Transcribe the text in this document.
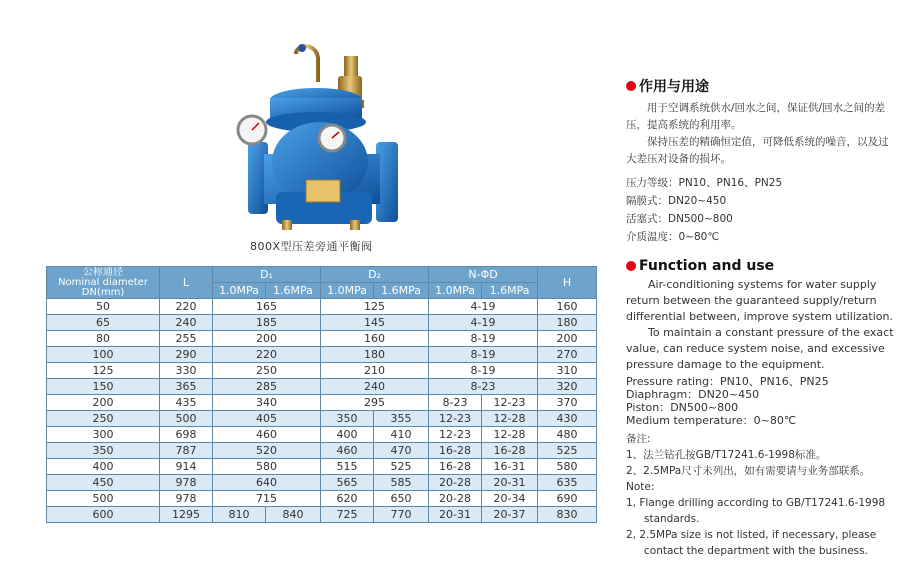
800X型压差旁通平衡阀
公称通径
Nominal diameter
DN(mm)	L	D₁		D₂		N-ΦD		H
		1.0MPa	1.6MPa	1.0MPa	1.6MPa	1.0MPa	1.6MPa	
50	220	165		125		4-19		160
65	240	185		145		4-19		180
80	255	200		160		8-19		200
100	290	220		180		8-19		270
125	330	250		210		8-19		310
150	365	285		240		8-23		320
200	435	340		295		8-23	12-23	370
250	500	405		350	355	12-23	12-28	430
300	698	460		400	410	12-23	12-28	480
350	787	520		460	470	16-28	16-28	525
400	914	580		515	525	16-28	16-31	580
450	978	640		565	585	20-28	20-31	635
500	978	715		620	650	20-28	20-34	690
600	1295	810	840	725	770	20-31	20-37	830
作用与用途
用于空调系统供水/回水之间，保证供/回水之间的差压，提高系统的利用率。
保持压差的精确恒定值，可降低系统的噪音，以及过大差压对设备的损坏。
压力等级：PN10、PN16、PN25
隔膜式：DN20~450
活塞式：DN500~800
介质温度：0~80℃
Function and use
Air-conditioning systems for water supply return between the guaranteed supply/return differential between, improve system utilization.
To maintain a constant pressure of the exact value, can reduce system noise, and excessive pressure damage to the equipment.
Pressure rating：PN10、PN16、PN25
Diaphragm：DN20~450
Piston：DN500~800
Medium temperature：0~80℃
备注:
1、法兰钻孔按GB/T17241.6-1998标准。
2、2.5MPa尺寸未列出，如有需要请与业务部联系。
Note:
1, Flange drilling according to GB/T17241.6-1998 standards.
2, 2.5MPa size is not listed, if necessary, please contact the department with the business.
